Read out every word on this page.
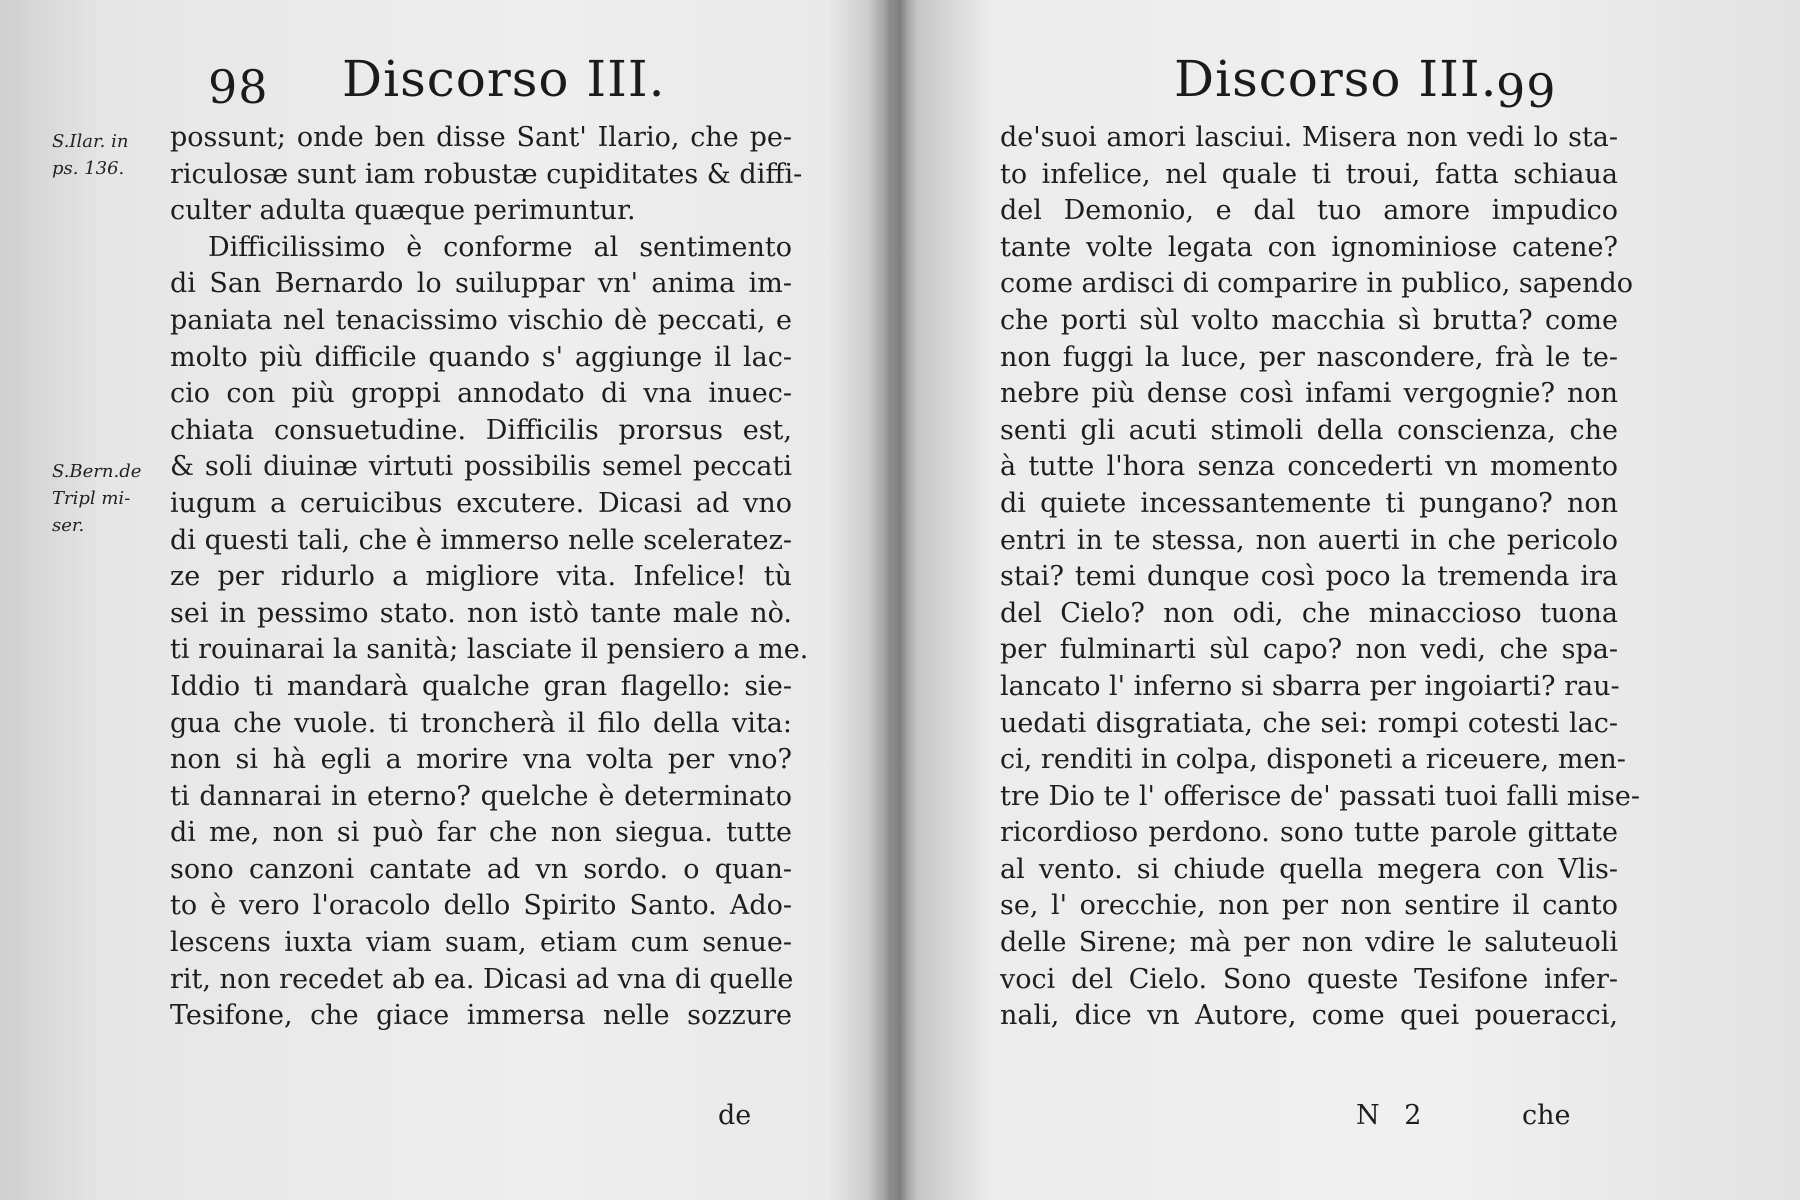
98 Discorso III.
S.Ilar. in
ps. 136.
S.Bern.de
Tripl mi-
ser.
possunt; onde ben disse Sant' Ilario, che pe-
riculosæ sunt iam robustæ cupiditates & diffi-
culter adulta quæque perimuntur.
Difficilissimo è conforme al sentimento
di San Bernardo lo suiluppar vn' anima im-
paniata nel tenacissimo vischio dè peccati, e
molto più difficile quando s' aggiunge il lac-
cio con più groppi annodato di vna inuec-
chiata consuetudine. Difficilis prorsus est,
& soli diuinæ virtuti possibilis semel peccati
iugum a ceruicibus excutere. Dicasi ad vno
di questi tali, che è immerso nelle sceleratez-
ze per ridurlo a migliore vita. Infelice! tù
sei in pessimo stato. non istò tante male nò.
ti rouinarai la sanità; lasciate il pensiero a me.
Iddio ti mandarà qualche gran flagello: sie-
gua che vuole. ti troncherà il filo della vita:
non si hà egli a morire vna volta per vno?
ti dannarai in eterno? quelche è determinato
di me, non si può far che non siegua. tutte
sono canzoni cantate ad vn sordo. o quan-
to è vero l'oracolo dello Spirito Santo. Ado-
lescens iuxta viam suam, etiam cum senue-
rit, non recedet ab ea. Dicasi ad vna di quelle
Tesifone, che giace immersa nelle sozzure
de
Discorso III.
99
de'suoi amori lasciui. Misera non vedi lo sta-
to infelice, nel quale ti troui, fatta schiaua
del Demonio, e dal tuo amore impudico
tante volte legata con ignominiose catene?
come ardisci di comparire in publico, sapendo
che porti sùl volto macchia sì brutta? come
non fuggi la luce, per nascondere, frà le te-
nebre più dense così infami vergognie? non
senti gli acuti stimoli della conscienza, che
à tutte l'hora senza concederti vn momento
di quiete incessantemente ti pungano? non
entri in te stessa, non auerti in che pericolo
stai? temi dunque così poco la tremenda ira
del Cielo? non odi, che minaccioso tuona
per fulminarti sùl capo? non vedi, che spa-
lancato l' inferno si sbarra per ingoiarti? rau-
uedati disgratiata, che sei: rompi cotesti lac-
ci, renditi in colpa, disponeti a riceuere, men-
tre Dio te l' offerisce de' passati tuoi falli mise-
ricordioso perdono. sono tutte parole gittate
al vento. si chiude quella megera con Vlis-
se, l' orecchie, non per non sentire il canto
delle Sirene; mà per non vdire le saluteuoli
voci del Cielo. Sono queste Tesifone infer-
nali, dice vn Autore, come quei poueracci,
N 2	che
